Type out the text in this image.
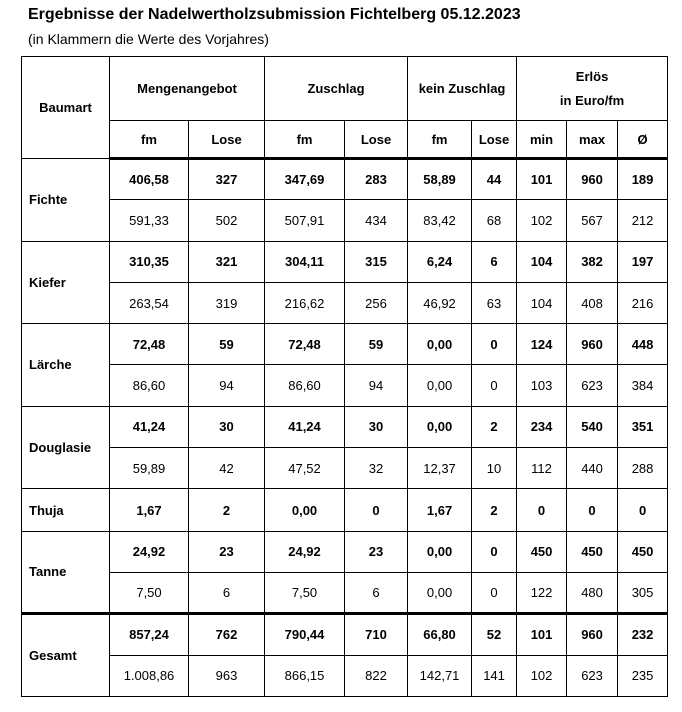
Ergebnisse der Nadelwertholzsubmission Fichtelberg 05.12.2023
(in Klammern die Werte des Vorjahres)
Baumart	Mengenangebot		Zuschlag		kein Zuschlag		Erlös
in Euro/fm		

	fm	Lose	fm	Lose	fm	Lose	min	max	Ø
Fichte	406,58	327	347,69	283	58,89	44	101	960	189
	591,33	502	507,91	434	83,42	68	102	567	212
Kiefer	310,35	321	304,11	315	6,24	6	104	382	197
	263,54	319	216,62	256	46,92	63	104	408	216
Lärche	72,48	59	72,48	59	0,00	0	124	960	448
	86,60	94	86,60	94	0,00	0	103	623	384
Douglasie	41,24	30	41,24	30	0,00	2	234	540	351
	59,89	42	47,52	32	12,37	10	112	440	288
Thuja	1,67	2	0,00	0	1,67	2	0	0	0
Tanne	24,92	23	24,92	23	0,00	0	450	450	450
	7,50	6	7,50	6	0,00	0	122	480	305
Gesamt	857,24	762	790,44	710	66,80	52	101	960	232
	1.008,86	963	866,15	822	142,71	141	102	623	235
